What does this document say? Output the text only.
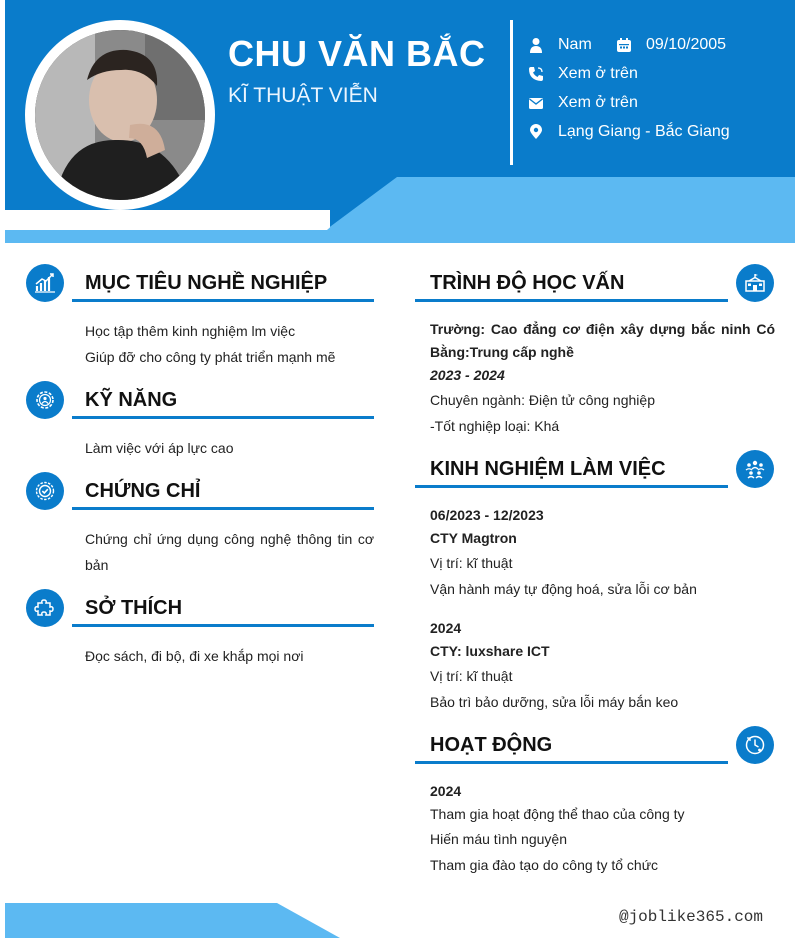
CHU VĂN BẮC
KĨ THUẬT VIỄN
Nam	09/10/2005
Xem ở trên
Xem ở trên
Lạng Giang - Bắc Giang
MỤC TIÊU NGHỀ NGHIỆP
Học tập thêm kinh nghiệm lm việc
Giúp đỡ cho công ty phát triển mạnh mẽ
KỸ NĂNG
Làm việc với áp lực cao
CHỨNG CHỈ
Chứng chỉ ứng dụng công nghệ thông tin cơ bản
SỞ THÍCH
Đọc sách, đi bộ, đi xe khắp mọi nơi
TRÌNH ĐỘ HỌC VẤN
Trường: Cao đẳng cơ điện xây dựng bắc ninh Có Bằng:Trung cấp nghề
2023 - 2024
Chuyên ngành: Điện tử công nghiệp
-Tốt nghiệp loại: Khá
KINH NGHIỆM LÀM VIỆC
06/2023 - 12/2023
CTY Magtron
Vị trí: kĩ thuật
Vận hành máy tự động hoá, sửa lỗi cơ bản
2024
CTY: luxshare ICT
Vị trí: kĩ thuật
Bảo trì bảo dưỡng, sửa lỗi máy bắn keo
HOẠT ĐỘNG
2024
Tham gia hoạt động thể thao của công ty
Hiến máu tình nguyện
Tham gia đào tạo do công ty tổ chức
@joblike365.com
